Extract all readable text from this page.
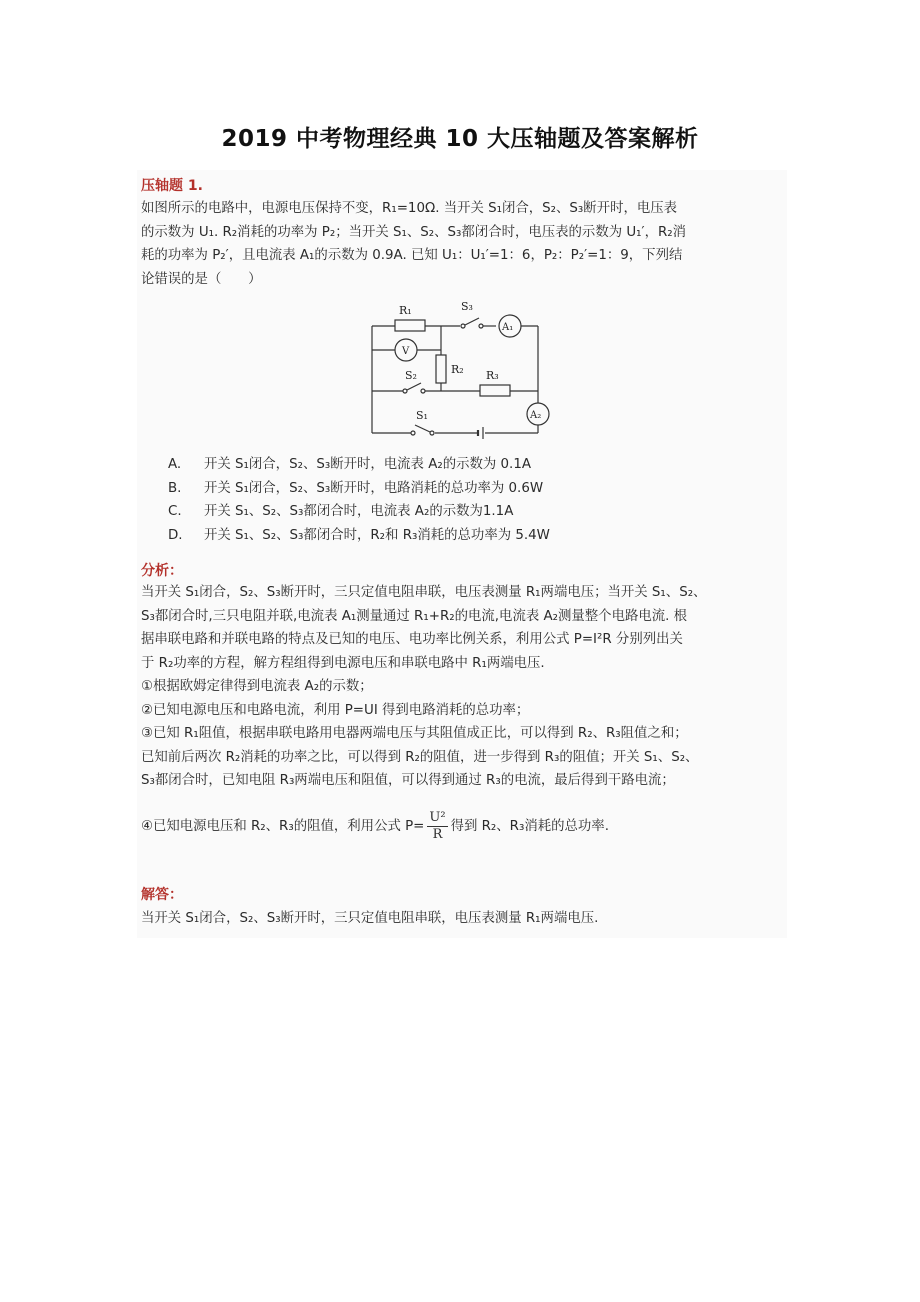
2019 中考物理经典 10 大压轴题及答案解析
压轴题 1.
如图所示的电路中，电源电压保持不变，R₁=10Ω. 当开关 S₁闭合，S₂、S₃断开时，电压表
的示数为 U₁. R₂消耗的功率为 P₂；当开关 S₁、S₂、S₃都闭合时，电压表的示数为 U₁′，R₂消
耗的功率为 P₂′，且电流表 A₁的示数为 0.9A. 已知 U₁：U₁′=1：6，P₂：P₂′=1：9，下列结
论错误的是（　　）
R₁	S₃
A₁
V
R₂
S₂	R₃
A₂
S₁
A. 开关 S₁闭合，S₂、S₃断开时，电流表 A₂的示数为 0.1A
B. 开关 S₁闭合，S₂、S₃断开时，电路消耗的总功率为 0.6W
C. 开关 S₁、S₂、S₃都闭合时，电流表 A₂的示数为1.1A
D. 开关 S₁、S₂、S₃都闭合时，R₂和 R₃消耗的总功率为 5.4W
分析：
当开关 S₁闭合，S₂、S₃断开时，三只定值电阻串联，电压表测量 R₁两端电压；当开关 S₁、S₂、
S₃都闭合时,三只电阻并联,电流表 A₁测量通过 R₁+R₂的电流,电流表 A₂测量整个电路电流. 根
据串联电路和并联电路的特点及已知的电压、电功率比例关系，利用公式 P=I²R 分别列出关
于 R₂功率的方程，解方程组得到电源电压和串联电路中 R₁两端电压.
①根据欧姆定律得到电流表 A₂的示数；
②已知电源电压和电路电流，利用 P=UI 得到电路消耗的总功率；
③已知 R₁阻值，根据串联电路用电器两端电压与其阻值成正比，可以得到 R₂、R₃阻值之和；
已知前后两次 R₂消耗的功率之比，可以得到 R₂的阻值，进一步得到 R₃的阻值；开关 S₁、S₂、
S₃都闭合时，已知电阻 R₃两端电压和阻值，可以得到通过 R₃的电流，最后得到干路电流；
④已知电源电压和 R₂、R₃的阻值，利用公式 $P= \frac{\text{U²}}{R}$ 得到 R₂、R₃消耗的总功率.
解答：
当开关 S₁闭合，S₂、S₃断开时，三只定值电阻串联，电压表测量 R₁两端电压.
